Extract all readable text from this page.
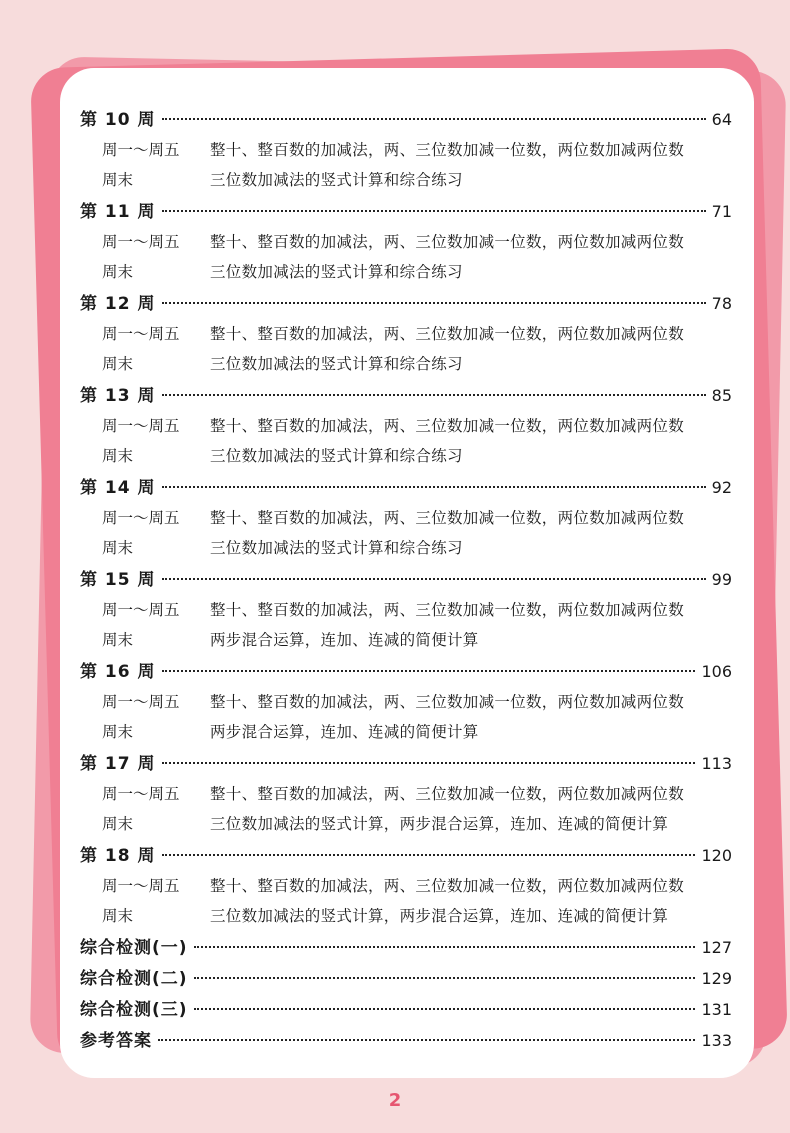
第 10 周	64
周一～周五	整十、整百数的加减法，两、三位数加减一位数，两位数加减两位数
周末	三位数加减法的竖式计算和综合练习
第 11 周	71
周一～周五	整十、整百数的加减法，两、三位数加减一位数，两位数加减两位数
周末	三位数加减法的竖式计算和综合练习
第 12 周	78
周一～周五	整十、整百数的加减法，两、三位数加减一位数，两位数加减两位数
周末	三位数加减法的竖式计算和综合练习
第 13 周	85
周一～周五	整十、整百数的加减法，两、三位数加减一位数，两位数加减两位数
周末	三位数加减法的竖式计算和综合练习
第 14 周	92
周一～周五	整十、整百数的加减法，两、三位数加减一位数，两位数加减两位数
周末	三位数加减法的竖式计算和综合练习
第 15 周	99
周一～周五	整十、整百数的加减法，两、三位数加减一位数，两位数加减两位数
周末	两步混合运算，连加、连减的简便计算
第 16 周	106
周一～周五	整十、整百数的加减法，两、三位数加减一位数，两位数加减两位数
周末	两步混合运算，连加、连减的简便计算
第 17 周	113
周一～周五	整十、整百数的加减法，两、三位数加减一位数，两位数加减两位数
周末	三位数加减法的竖式计算，两步混合运算，连加、连减的简便计算
第 18 周	120
周一～周五	整十、整百数的加减法，两、三位数加减一位数，两位数加减两位数
周末	三位数加减法的竖式计算，两步混合运算，连加、连减的简便计算
综合检测(一)	127
综合检测(二)	129
综合检测(三)	131
参考答案	133
2
